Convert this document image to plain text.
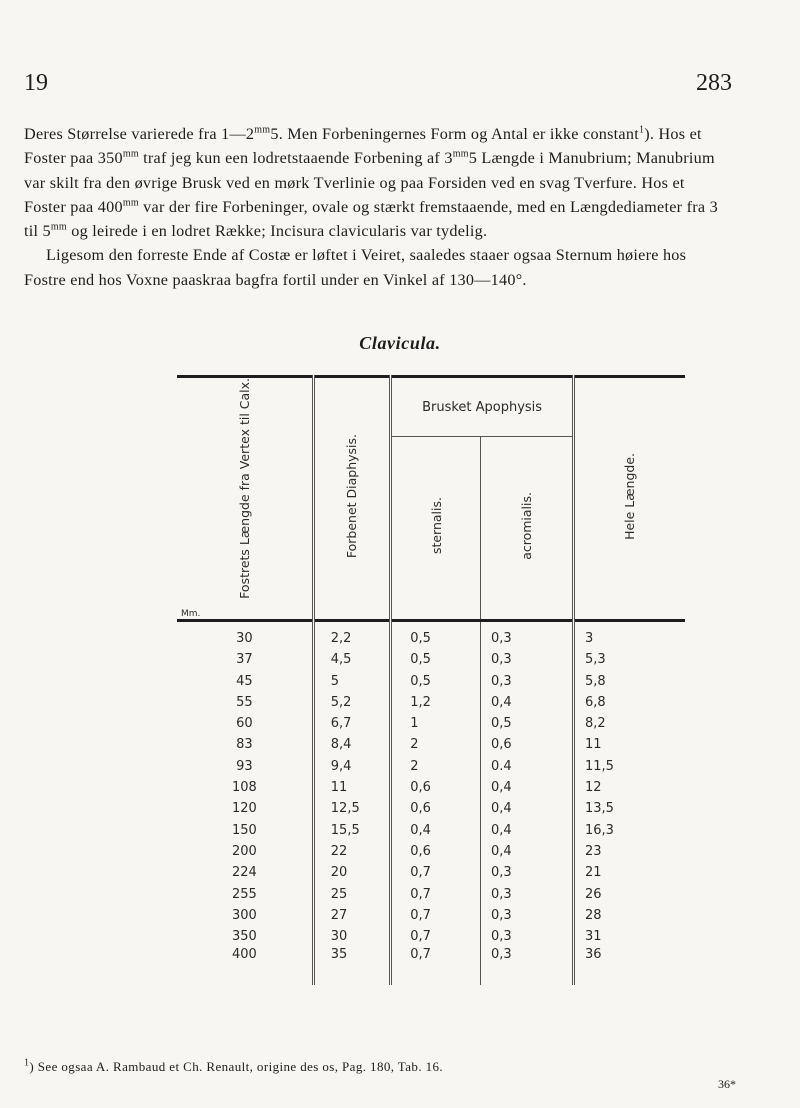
19	283

Deres Størrelse varierede fra $1—2^{mm}5$. Men Forbeningernes Form og Antal er ikke constant$^1$). Hos et Foster paa $350^{mm}$ traf jeg kun een lodretstaaende Forbening af $3^{mm}5$ Længde i Manubrium; Manubrium var skilt fra den øvrige Brusk ved en mørk Tverlinie og paa Forsiden ved en svag Tverfure. Hos et Foster paa $400^{mm}$ var der fire Forbeninger, ovale og stærkt fremstaaende, med en Længdediameter fra 3 til $5^{mm}$ og leirede i en lodret Række; Incisura clavicularis var tydelig.

Ligesom den forreste Ende af Costæ er løftet i Veiret, saaledes staaer ogsaa Sternum høiere hos Fostre end hos Voxne paaskraa bagfra fortil under en Vinkel af 130—140°.

Clavicula.
Fostrets Længde fra Vertex til Calx.
Mm.	Forbenet Diaphysis.	Brusket Apophysis		Hele Længde.
		sternalis.	acromialis.	
30	2,2	0,5	0,3	3
37	4,5	0,5	0,3	5,3
45	5	0,5	0,3	5,8
55	5,2	1,2	0,4	6,8
60	6,7	1	0,5	8,2
83	8,4	2	0,6	11
93	9,4	2	0.4	11,5
108	11	0,6	0,4	12
120	12,5	0,6	0,4	13,5
150	15,5	0,4	0,4	16,3
200	22	0,6	0,4	23
224	20	0,7	0,3	21
255	25	0,7	0,3	26
300	27	0,7	0,3	28
350	30	0,7	0,3	31
400	35	0,7	0,3	36
$^1$) See ogsaa A. Rambaud et Ch. Renault, origine des os, Pag. 180, Tab. 16.
36*
